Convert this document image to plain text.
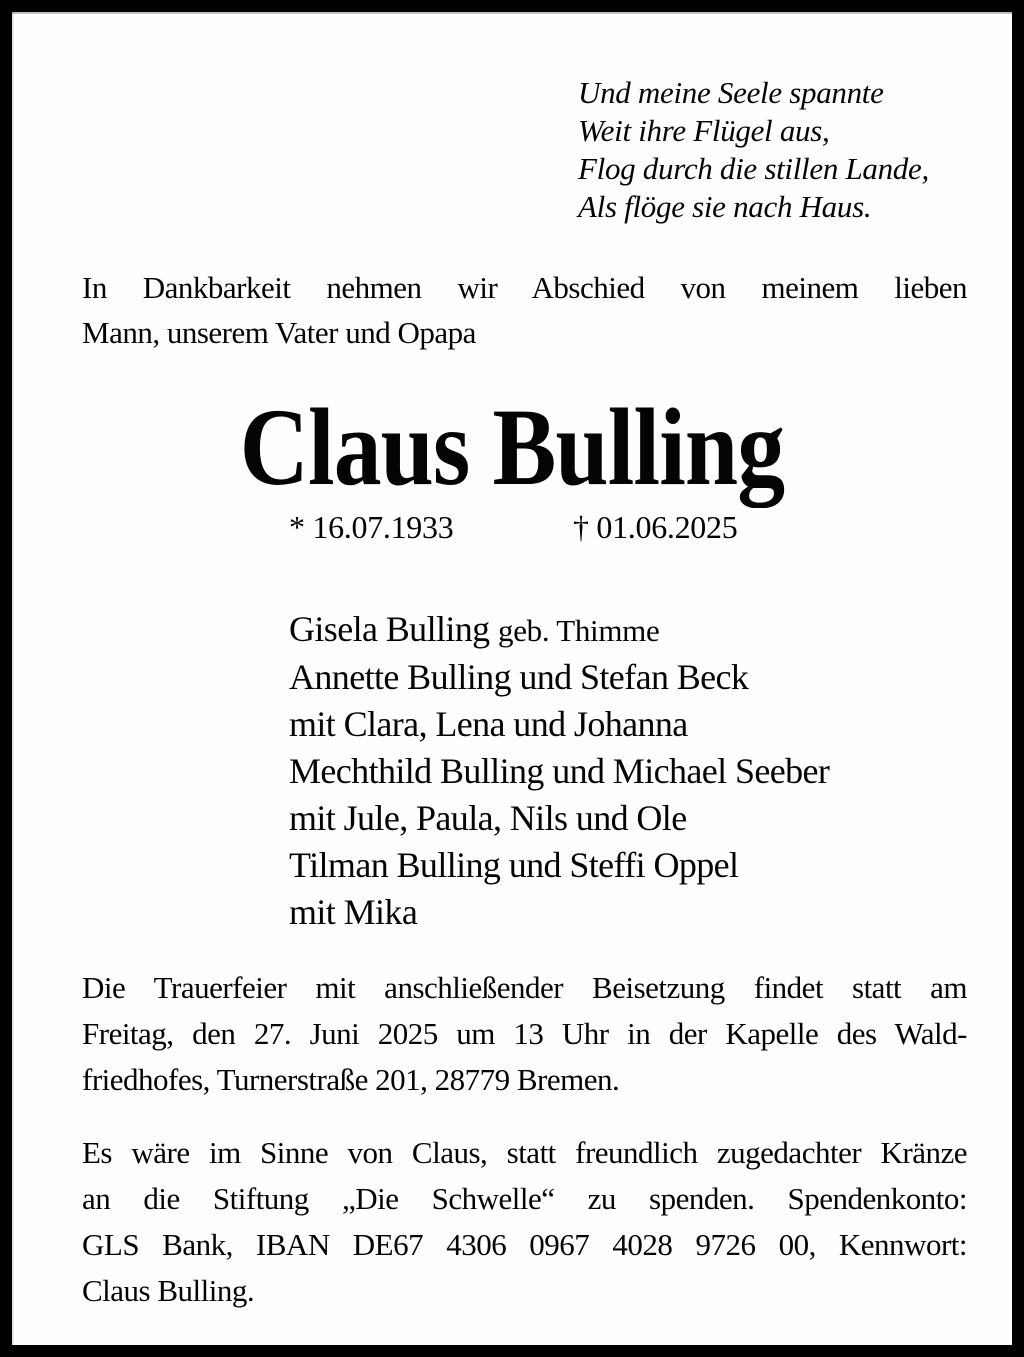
Und meine Seele spannte
Weit ihre Flügel aus,
Flog durch die stillen Lande,
Als flöge sie nach Haus.
In Dankbarkeit nehmen wir Abschied von meinem lieben
Mann, unserem Vater und Opapa
Claus Bulling
* 16.07.1933	† 01.06.2025
Gisela Bulling geb. Thimme
Annette Bulling und Stefan Beck
mit Clara, Lena und Johanna
Mechthild Bulling und Michael Seeber
mit Jule, Paula, Nils und Ole
Tilman Bulling und Steffi Oppel
mit Mika
Die Trauerfeier mit anschließender Beisetzung findet statt am
Freitag, den 27. Juni 2025 um 13 Uhr in der Kapelle des Wald-
friedhofes, Turnerstraße 201, 28779 Bremen.
Es wäre im Sinne von Claus, statt freundlich zugedachter Kränze
an die Stiftung „Die Schwelle“ zu spenden. Spendenkonto:
GLS Bank, IBAN DE67 4306 0967 4028 9726 00, Kennwort:
Claus Bulling.
